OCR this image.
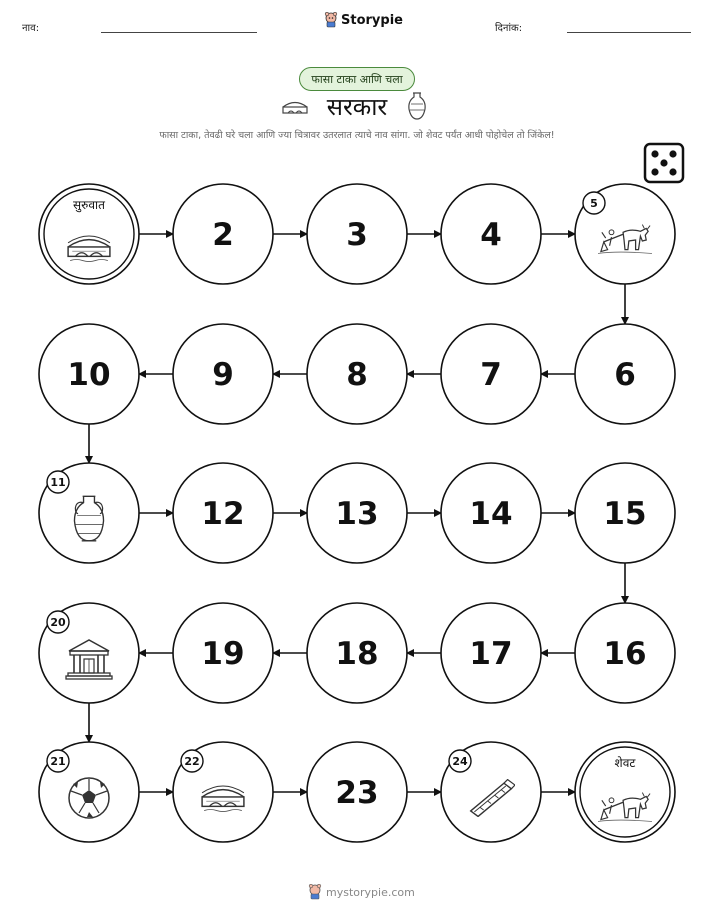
नाव:
Storypie
दिनांक:
फासा टाका आणि चला
सरकार
फासा टाका, तेवढी घरे चला आणि ज्या चित्रावर उतरलात त्याचे नाव सांगा. जो शेवट पर्यंत आधी पोहोचेल तो जिंकेल!
सुरुवात
2	3	4
5
10	9	8	7	6
11
12	13	14	15
20
19	18	17	16
21	22
23
24	शेवट
mystorypie.com
